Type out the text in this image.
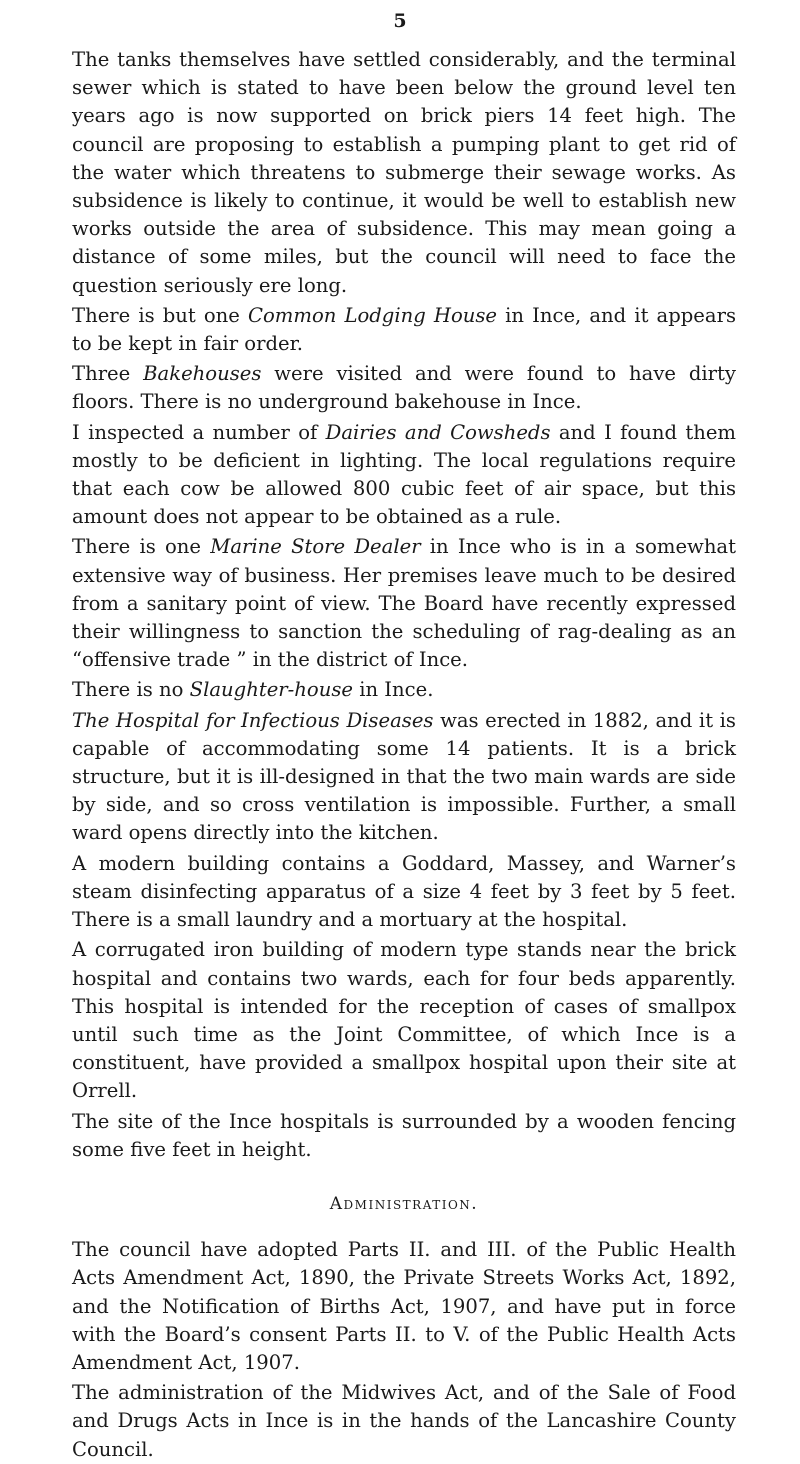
5

The tanks themselves have settled considerably, and the terminal sewer which is stated to have been below the ground level ten years ago is now supported on brick piers 14 feet high. The council are proposing to establish a pumping plant to get rid of the water which threatens to submerge their sewage works. As subsidence is likely to continue, it would be well to establish new works outside the area of subsidence. This may mean going a distance of some miles, but the council will need to face the question seriously ere long.

There is but one Common Lodging House in Ince, and it appears to be kept in fair order.

Three Bakehouses were visited and were found to have dirty floors. There is no underground bakehouse in Ince.

I inspected a number of Dairies and Cowsheds and I found them mostly to be deficient in lighting. The local regulations require that each cow be allowed 800 cubic feet of air space, but this amount does not appear to be obtained as a rule.

There is one Marine Store Dealer in Ince who is in a somewhat extensive way of business. Her premises leave much to be desired from a sanitary point of view. The Board have recently expressed their willingness to sanction the scheduling of rag-dealing as an “offensive trade ” in the district of Ince.

There is no Slaughter-house in Ince.

The Hospital for Infectious Diseases was erected in 1882, and it is capable of accommodating some 14 patients. It is a brick structure, but it is ill-designed in that the two main wards are side by side, and so cross ventilation is impossible. Further, a small ward opens directly into the kitchen.

A modern building contains a Goddard, Massey, and Warner’s steam disinfecting apparatus of a size 4 feet by 3 feet by 5 feet. There is a small laundry and a mortuary at the hospital.

A corrugated iron building of modern type stands near the brick hospital and contains two wards, each for four beds apparently. This hospital is intended for the reception of cases of smallpox until such time as the Joint Committee, of which Ince is a constituent, have provided a smallpox hospital upon their site at Orrell.

The site of the Ince hospitals is surrounded by a wooden fencing some five feet in height.

Administration.

The council have adopted Parts II. and III. of the Public Health Acts Amendment Act, 1890, the Private Streets Works Act, 1892, and the Notification of Births Act, 1907, and have put in force with the Board’s consent Parts II. to V. of the Public Health Acts Amendment Act, 1907.

The administration of the Midwives Act, and of the Sale of Food and Drugs Acts in Ince is in the hands of the Lancashire County Council.
